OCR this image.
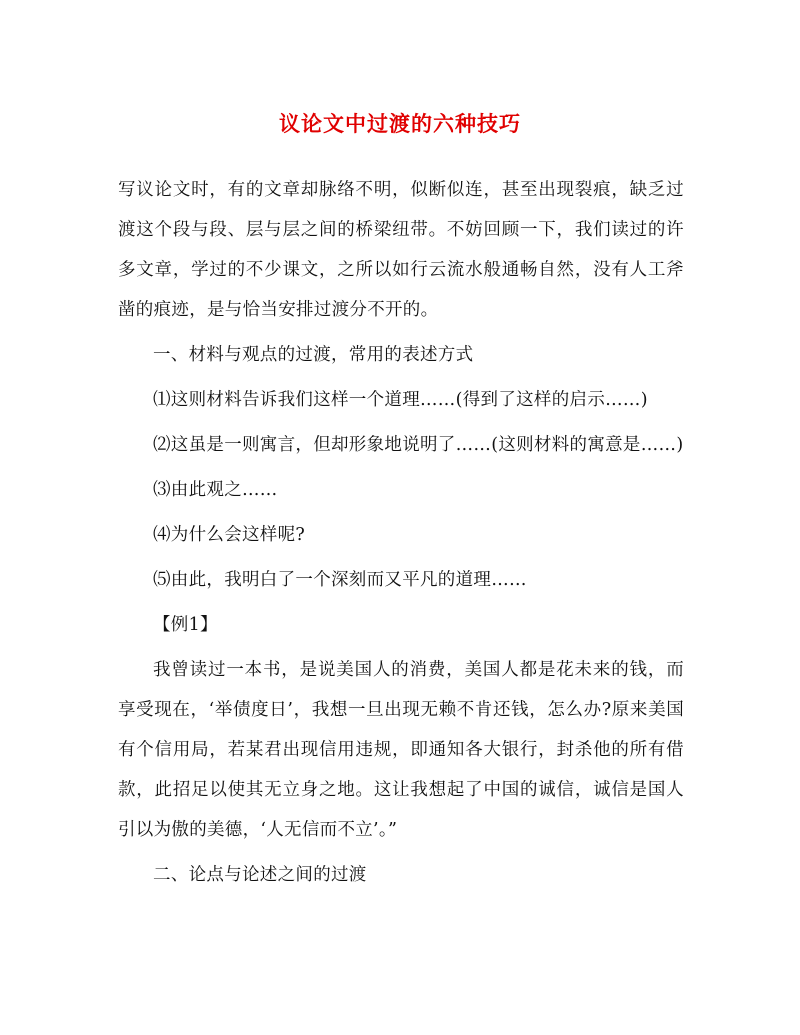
议论文中过渡的六种技巧

写议论文时，有的文章却脉络不明，似断似连，甚至出现裂痕，缺乏过渡这个段与段、层与层之间的桥梁纽带。不妨回顾一下，我们读过的许多文章，学过的不少课文，之所以如行云流水般通畅自然，没有人工斧凿的痕迹，是与恰当安排过渡分不开的。

一、材料与观点的过渡，常用的表述方式

⑴这则材料告诉我们这样一个道理……(得到了这样的启示……)

⑵这虽是一则寓言，但却形象地说明了……(这则材料的寓意是……)

⑶由此观之……

⑷为什么会这样呢?

⑸由此，我明白了一个深刻而又平凡的道理……

【例1】

我曾读过一本书，是说美国人的消费，美国人都是花未来的钱，而享受现在，‘举债度日’，我想一旦出现无赖不肯还钱，怎么办?原来美国有个信用局，若某君出现信用违规，即通知各大银行，封杀他的所有借款，此招足以使其无立身之地。这让我想起了中国的诚信，诚信是国人引以为傲的美德，‘人无信而不立’。”

二、论点与论述之间的过渡
